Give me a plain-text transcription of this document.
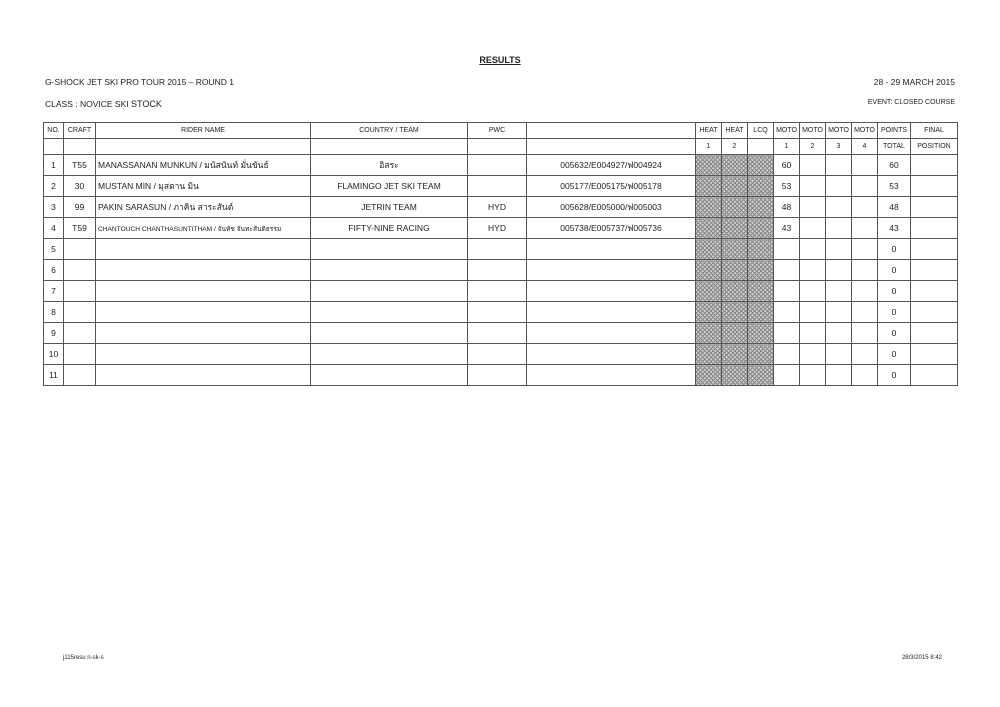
RESULTS
G-SHOCK JET SKI PRO TOUR 2015 – ROUND 1	28 - 29 MARCH 2015
CLASS : NOVICE SKI STOCK	EVENT: CLOSED COURSE
NO.	CRAFT	RIDER NAME	COUNTRY / TEAM	PWC		HEAT	HEAT	LCQ	MOTO	MOTO	MOTO	MOTO	POINTS	FINAL
						1	2		1	2	3	4	TOTAL	POSITION
1	T55	MANASSANAN MUNKUN / มนัสนันท์ มั่นขันธ์	อิสระ		005632/E004927/ฟ004924				60				60	
2	30	MUSTAN MIN / มุสตาน มิน	FLAMINGO JET SKI TEAM		005177/E005175/ฟ005178				53				53	
3	99	PAKIN SARASUN / ภาคิน สาระสันต์	JETRIN TEAM	HYD	005628/E005000/ฟ005003				48				48	
4	T59	CHANTOUCH CHANTHASUNTITHAM / จันทัช จันทะสันติธรรม	FIFTY-NINE RACING	HYD	005738/E005737/ฟ005736				43				43	
5													0	
6													0	
7													0	
8													0	
9													0	
10													0	
11													0	
j115resu n-sk-s	28/3/2015 8:42
